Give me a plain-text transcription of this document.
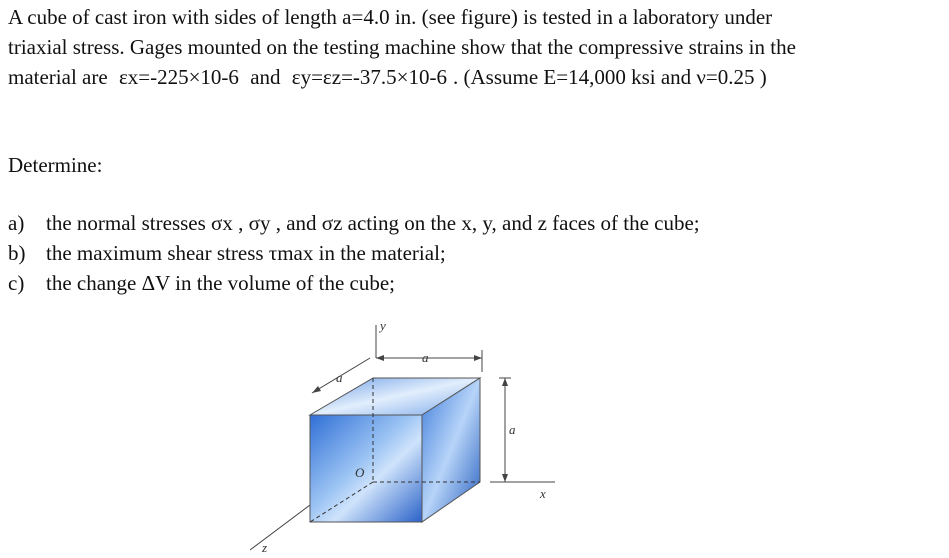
A cube of cast iron with sides of length a=4.0 in. (see figure) is tested in a laboratory under
triaxial stress. Gages mounted on the testing machine show that the compressive strains in the
material are εx=-225×10-6 and εy=εz=-37.5×10-6 . (Assume E=14,000 ksi and ν=0.25 )
Determine:
a) the normal stresses σx , σy , and σz acting on the x, y, and z faces of the cube;
b) the maximum shear stress τmax in the material;
c) the change ΔV in the volume of the cube;
y
x
z
O
a
a
a
